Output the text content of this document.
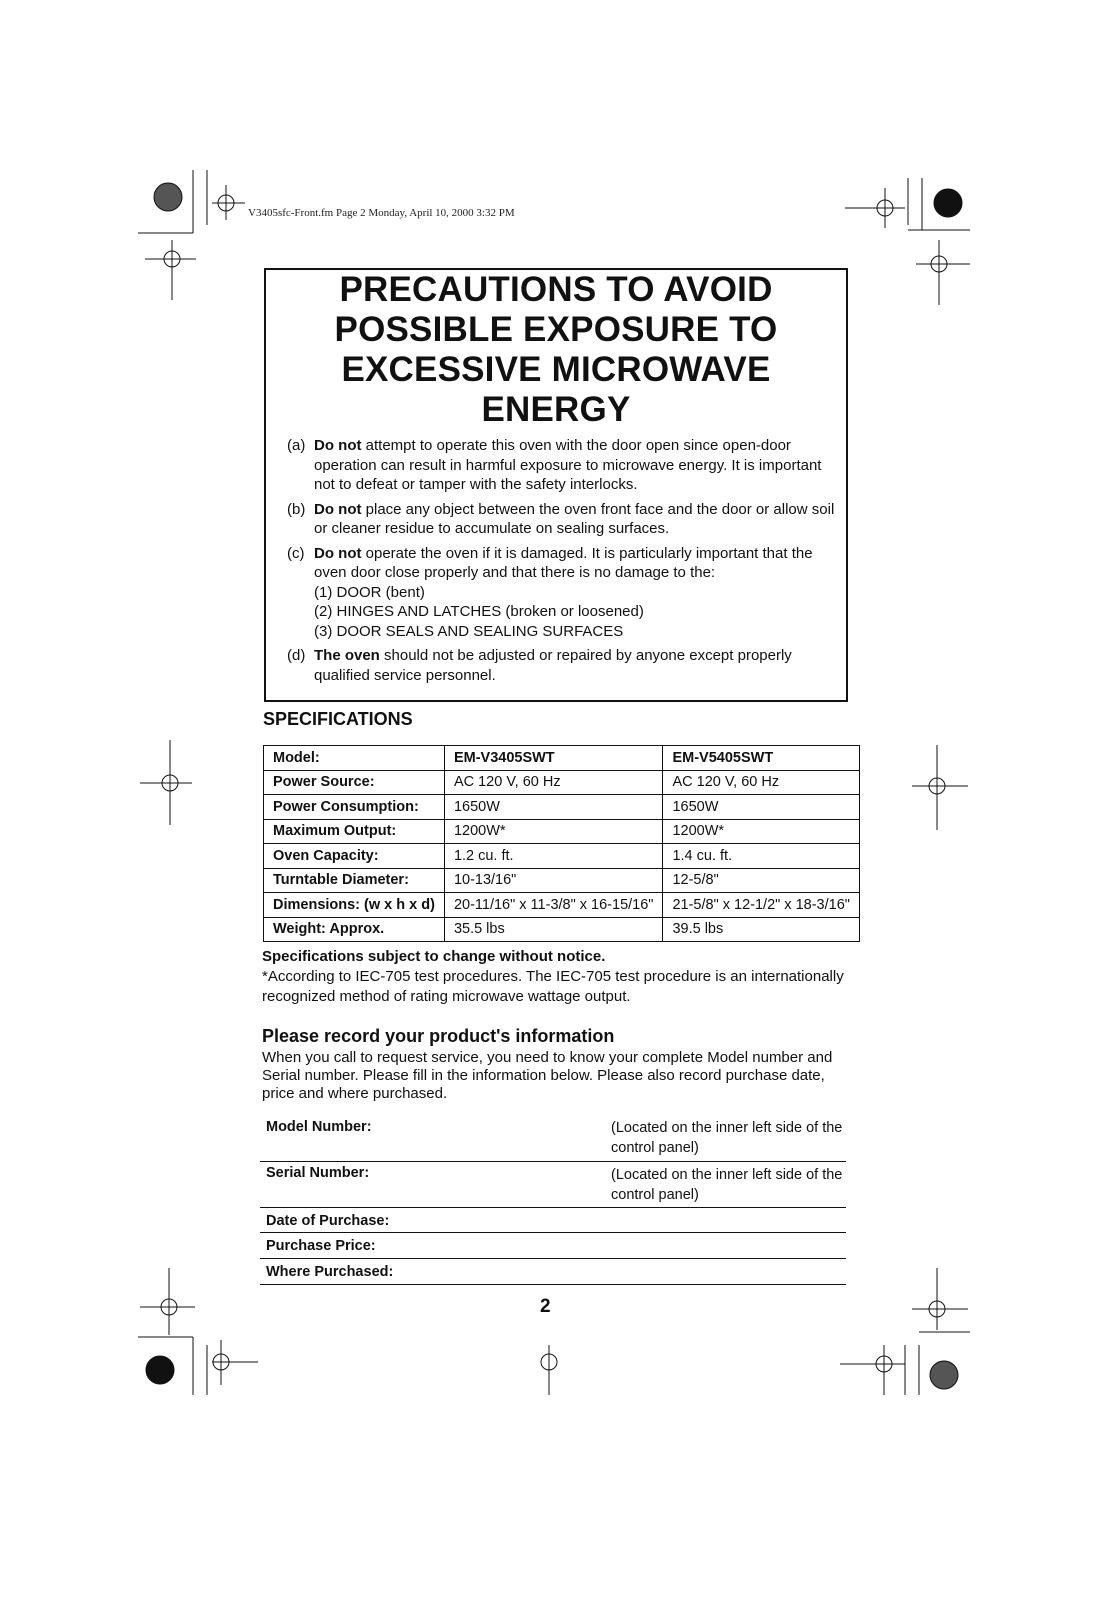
V3405sfc-Front.fm Page 2 Monday, April 10, 2000 3:32 PM
PRECAUTIONS TO AVOID
POSSIBLE EXPOSURE TO
EXCESSIVE MICROWAVE
ENERGY
(a) Do not attempt to operate this oven with the door open since open-door operation can result in harmful exposure to microwave energy. It is important not to defeat or tamper with the safety interlocks.
(b) Do not place any object between the oven front face and the door or allow soil or cleaner residue to accumulate on sealing surfaces.
(c) Do not operate the oven if it is damaged. It is particularly important that the oven door close properly and that there is no damage to the:
(1) DOOR (bent)
(2) HINGES AND LATCHES (broken or loosened)
(3) DOOR SEALS AND SEALING SURFACES
(d) The oven should not be adjusted or repaired by anyone except properly qualified service personnel.
SPECIFICATIONS
Model:	EM-V3405SWT	EM-V5405SWT
Power Source:	AC 120 V, 60 Hz	AC 120 V, 60 Hz
Power Consumption:	1650W	1650W
Maximum Output:	1200W*	1200W*
Oven Capacity:	1.2 cu. ft.	1.4 cu. ft.
Turntable Diameter:	10-13/16"	12-5/8"
Dimensions: (w x h x d)	20-11/16" x 11-3/8" x 16-15/16"	21-5/8" x 12-1/2" x 18-3/16"
Weight: Approx.	35.5 lbs	39.5 lbs
Specifications subject to change without notice.
*According to IEC-705 test procedures. The IEC-705 test procedure is an internationally recognized method of rating microwave wattage output.
Please record your product's information
When you call to request service, you need to know your complete Model number and Serial number. Please fill in the information below. Please also record purchase date, price and where purchased.
Model Number:	(Located on the inner left side of the control panel)
Serial Number:	(Located on the inner left side of the control panel)
Date of Purchase:
Purchase Price:
Where Purchased:
2
